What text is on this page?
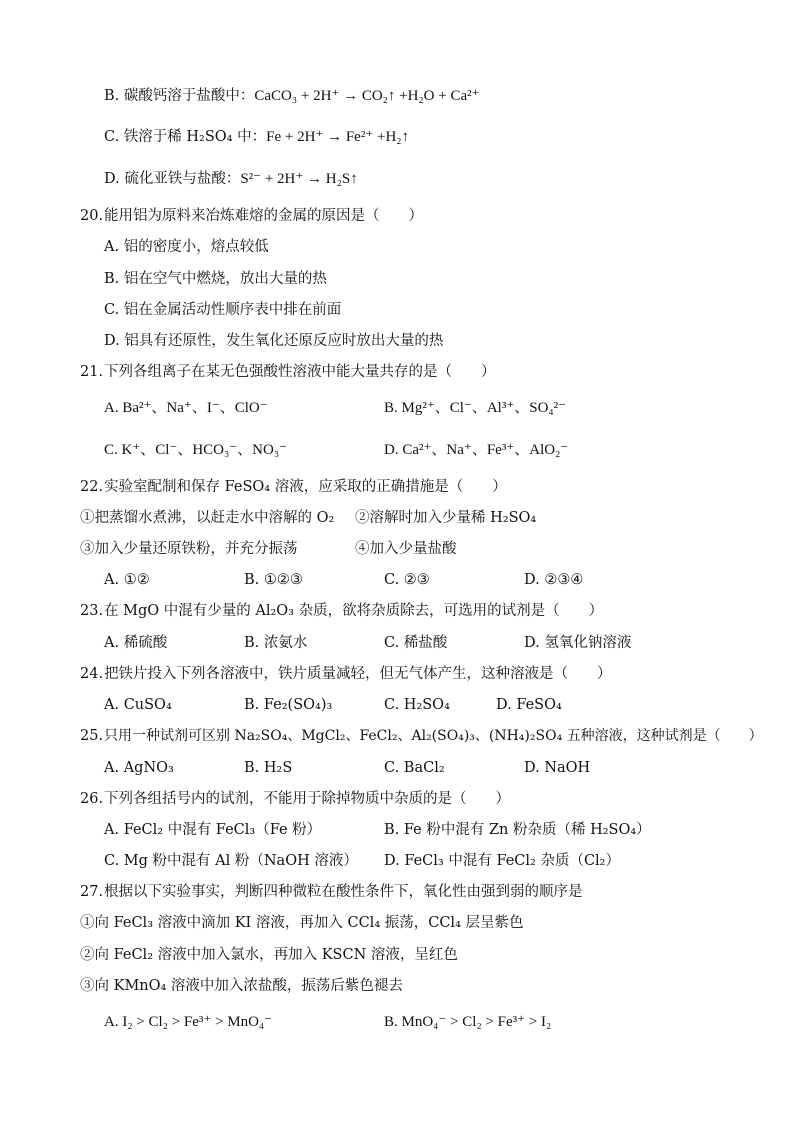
B. 碳酸钙溶于盐酸中：CaCO₃ + 2H⁺ → CO₂↑ +H₂O + Ca²⁺
C. 铁溶于稀 H₂SO₄ 中：Fe + 2H⁺ → Fe²⁺ +H₂↑
D. 硫化亚铁与盐酸：S²⁻ + 2H⁺ → H₂S↑
20. 能用铝为原料来冶炼难熔的金属的原因是（　　）
A. 铝的密度小，熔点较低
B. 铝在空气中燃烧，放出大量的热
C. 铝在金属活动性顺序表中排在前面
D. 铝具有还原性，发生氧化还原反应时放出大量的热
21. 下列各组离子在某无色强酸性溶液中能大量共存的是（　　）
A. Ba²⁺、Na⁺、I⁻、ClO⁻	B. Mg²⁺、Cl⁻、Al³⁺、SO₄²⁻
C. K⁺、Cl⁻、HCO₃⁻、NO₃⁻	D. Ca²⁺、Na⁺、Fe³⁺、AlO₂⁻
22. 实验室配制和保存 FeSO₄ 溶液，应采取的正确措施是（　　）
①把蒸馏水煮沸，以赶走水中溶解的 O₂ ②溶解时加入少量稀 H₂SO₄
③加入少量还原铁粉，并充分振荡	④加入少量盐酸
A. ①②	B. ①②③	C. ②③	D. ②③④
23. 在 MgO 中混有少量的 Al₂O₃ 杂质，欲将杂质除去，可选用的试剂是（　　）
A. 稀硫酸	B. 浓氨水	C. 稀盐酸	D. 氢氧化钠溶液
24. 把铁片投入下列各溶液中，铁片质量减轻，但无气体产生，这种溶液是（　　）
A. CuSO₄	B. Fe₂(SO₄)₃	C. H₂SO₄	D. FeSO₄
25. 只用一种试剂可区别 Na₂SO₄、MgCl₂、FeCl₂、Al₂(SO₄)₃、(NH₄)₂SO₄ 五种溶液，这种试剂是（　　）
A. AgNO₃	B. H₂S	C. BaCl₂	D. NaOH
26. 下列各组括号内的试剂，不能用于除掉物质中杂质的是（　　）
A. FeCl₂ 中混有 FeCl₃（Fe 粉）	B. Fe 粉中混有 Zn 粉杂质（稀 H₂SO₄）
C. Mg 粉中混有 Al 粉（NaOH 溶液） D. FeCl₃ 中混有 FeCl₂ 杂质（Cl₂）
27. 根据以下实验事实，判断四种微粒在酸性条件下，氧化性由强到弱的顺序是
①向 FeCl₃ 溶液中滴加 KI 溶液，再加入 CCl₄ 振荡，CCl₄ 层呈紫色
②向 FeCl₂ 溶液中加入氯水，再加入 KSCN 溶液，呈红色
③向 KMnO₄ 溶液中加入浓盐酸，振荡后紫色褪去
A. I₂ > Cl₂ > Fe³⁺ > MnO₄⁻	B. MnO₄⁻ > Cl₂ > Fe³⁺ > I₂
